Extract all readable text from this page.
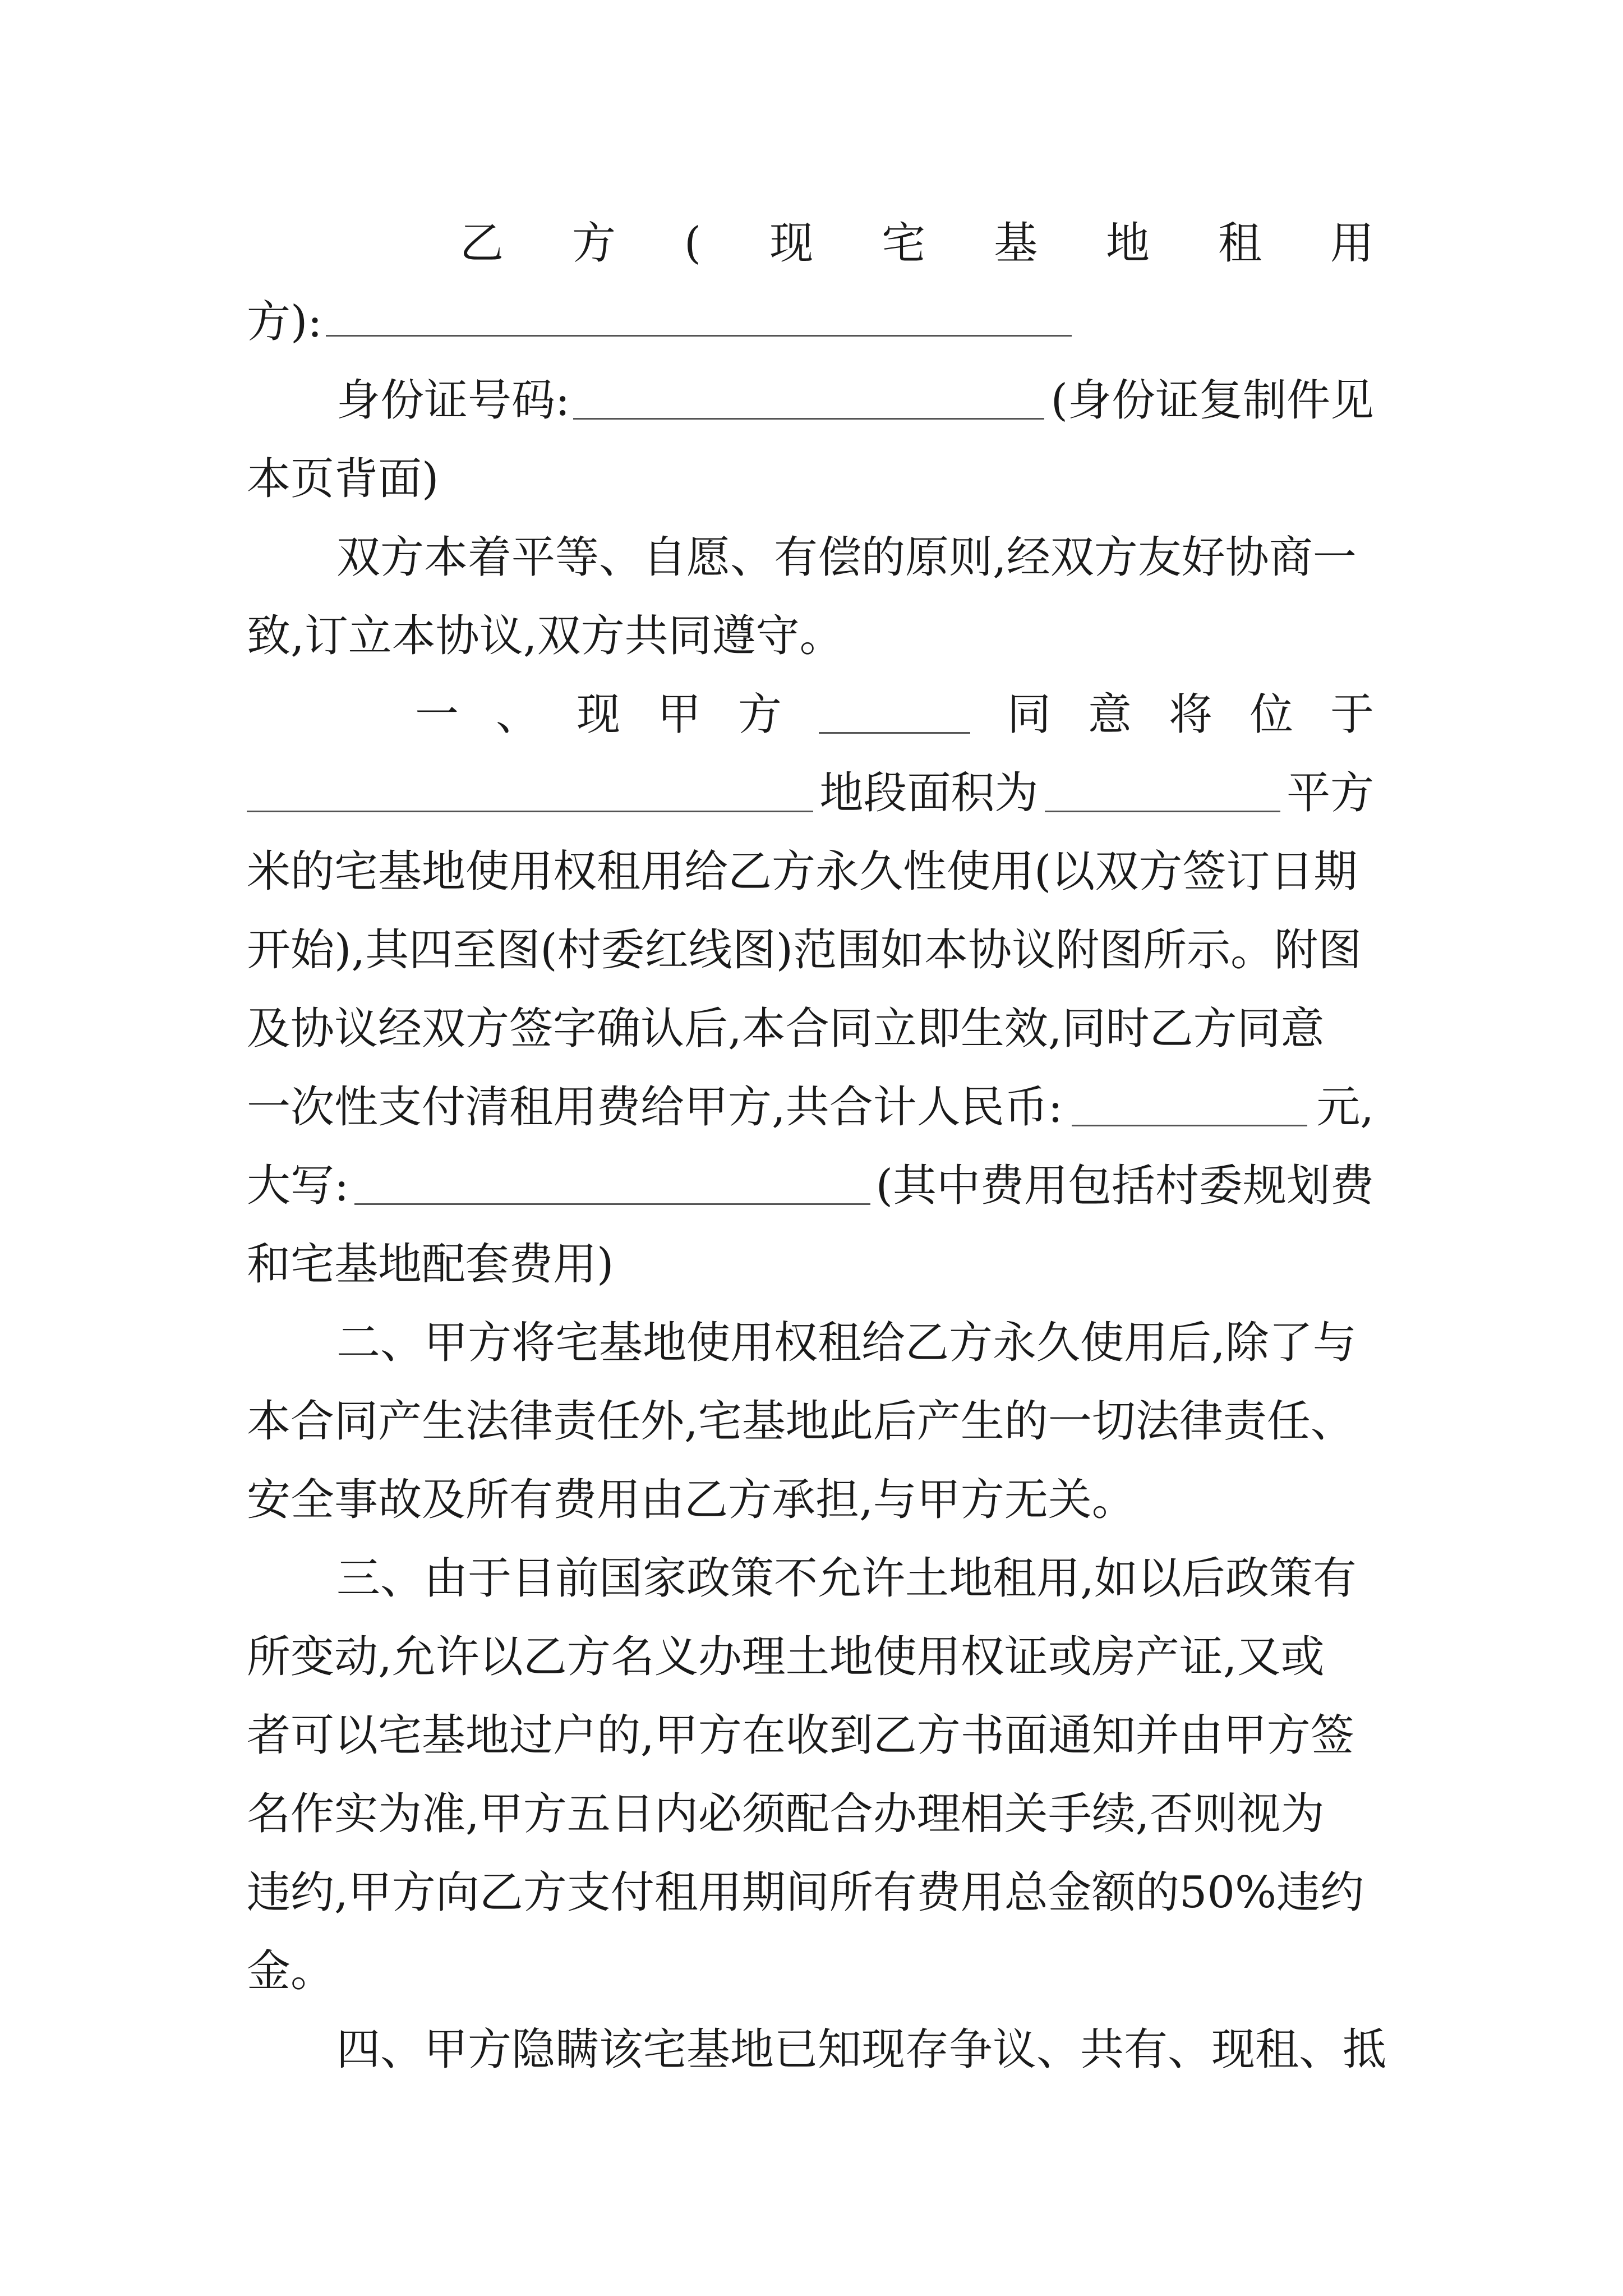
乙 方 ( 现 宅 基 地 租 用
方):
身份证号码:	(身份证复制件见
本页背面)
双方本着平等、自愿、有偿的原则,经双方友好协商一
致,订立本协议,双方共同遵守。
一 、 现 甲 方	同 意 将 位 于
地段面积为	平方
米的宅基地使用权租用给乙方永久性使用(以双方签订日期
开始),其四至图(村委红线图)范围如本协议附图所示。附图
及协议经双方签字确认后,本合同立即生效,同时乙方同意
一次性支付清租用费给甲方,共合计人民币:	元,
大写:	(其中费用包括村委规划费
和宅基地配套费用)
二、甲方将宅基地使用权租给乙方永久使用后,除了与
本合同产生法律责任外,宅基地此后产生的一切法律责任、
安全事故及所有费用由乙方承担,与甲方无关。
三、由于目前国家政策不允许土地租用,如以后政策有
所变动,允许以乙方名义办理土地使用权证或房产证,又或
者可以宅基地过户的,甲方在收到乙方书面通知并由甲方签
名作实为准,甲方五日内必须配合办理相关手续,否则视为
违约,甲方向乙方支付租用期间所有费用总金额的50%违约
金。
四、甲方隐瞒该宅基地已知现存争议、共有、现租、抵
